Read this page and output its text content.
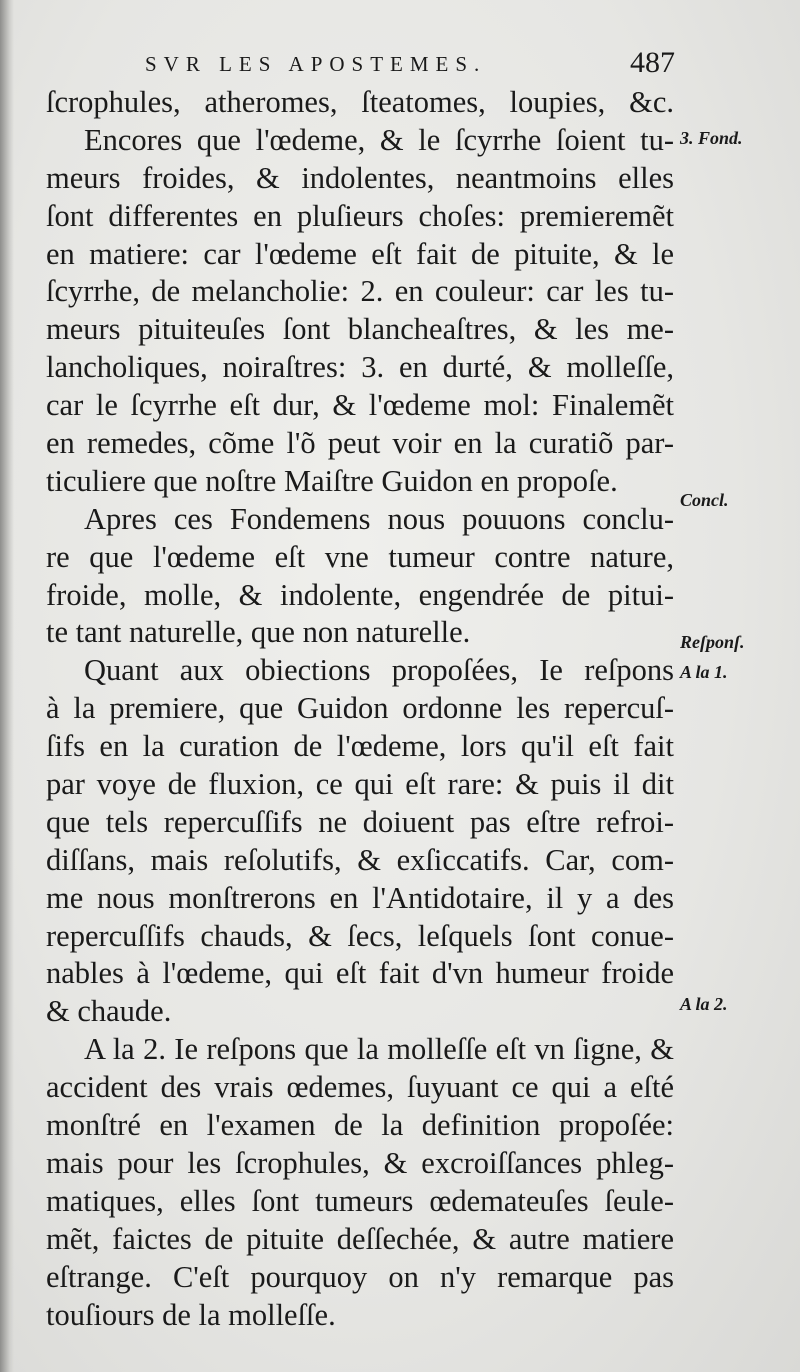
SVR LES APOSTEMES.	487
ſcrophules, atheromes, ſteatomes, loupies, &c.
Encores que l'œdeme, & le ſcyrrhe ſoient tu-
meurs froides, & indolentes, neantmoins elles
ſont differentes en pluſieurs choſes: premieremẽt
en matiere: car l'œdeme eſt fait de pituite, & le
ſcyrrhe, de melancholie: 2. en couleur: car les tu-
meurs pituiteuſes ſont blancheaſtres, & les me-
lancholiques, noiraſtres: 3. en durté, & molleſſe,
car le ſcyrrhe eſt dur, & l'œdeme mol: Finalemẽt
en remedes, cõme l'õ peut voir en la curatiõ par-
ticuliere que noſtre Maiſtre Guidon en propoſe.
Apres ces Fondemens nous pouuons conclu-
re que l'œdeme eſt vne tumeur contre nature,
froide, molle, & indolente, engendrée de pitui-
te tant naturelle, que non naturelle.
Quant aux obiections propoſées, Ie reſpons
à la premiere, que Guidon ordonne les repercuſ-
ſifs en la curation de l'œdeme, lors qu'il eſt fait
par voye de fluxion, ce qui eſt rare: & puis il dit
que tels repercuſſifs ne doiuent pas eſtre refroi-
diſſans, mais reſolutifs, & exſiccatifs. Car, com-
me nous monſtrerons en l'Antidotaire, il y a des
repercuſſifs chauds, & ſecs, leſquels ſont conue-
nables à l'œdeme, qui eſt fait d'vn humeur froide
& chaude.
A la 2. Ie reſpons que la molleſſe eſt vn ſigne, &
accident des vrais œdemes, ſuyuant ce qui a eſté
monſtré en l'examen de la definition propoſée:
mais pour les ſcrophules, & excroiſſances phleg-
matiques, elles ſont tumeurs œdemateuſes ſeule-
mẽt, faictes de pituite deſſechée, & autre matiere
eſtrange. C'eſt pourquoy on n'y remarque pas
touſiours de la molleſſe.
3. Fond.
Concl.
Reſponſ.
A la 1.
A la 2.
